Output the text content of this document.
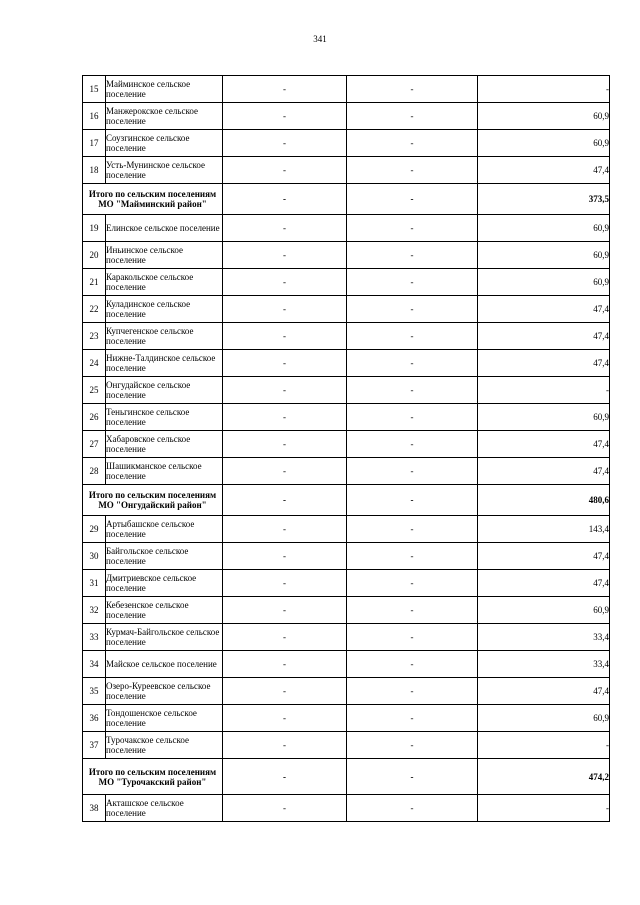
341
15	Майминское сельское поселение	-	-	-
16	Манжерокское сельское поселение	-	-	60,9
17	Соузгинское сельское поселение	-	-	60,9
18	Усть-Мунинское сельское поселение	-	-	47,4
Итого по сельским поселениям МО "Майминский район"		-	-	373,5
19	Елинское сельское поселение	-	-	60,9
20	Иньинское сельское поселение	-	-	60,9
21	Каракольское сельское поселение	-	-	60,9
22	Куладинское сельское поселение	-	-	47,4
23	Купчегенское сельское поселение	-	-	47,4
24	Нижне-Талдинское сельское поселение	-	-	47,4
25	Онгудайское сельское поселение	-	-	-
26	Теньгинское сельское поселение	-	-	60,9
27	Хабаровское сельское поселение	-	-	47,4
28	Шашикманское сельское поселение	-	-	47,4
Итого по сельским поселениям МО "Онгудайский район"		-	-	480,6
29	Артыбашское сельское поселение	-	-	143,4
30	Байгольское сельское поселение	-	-	47,4
31	Дмитриевское сельское поселение	-	-	47,4
32	Кебезенское сельское поселение	-	-	60,9
33	Курмач-Байгольское сельское поселение	-	-	33,4
34	Майское сельское поселение	-	-	33,4
35	Озеро-Куреевское сельское поселение	-	-	47,4
36	Тондошенское сельское поселение	-	-	60,9
37	Турочакское сельское поселение	-	-	-
Итого по сельским поселениям МО "Турочакский район"		-	-	474,2
38	Акташское сельское поселение	-	-	-
